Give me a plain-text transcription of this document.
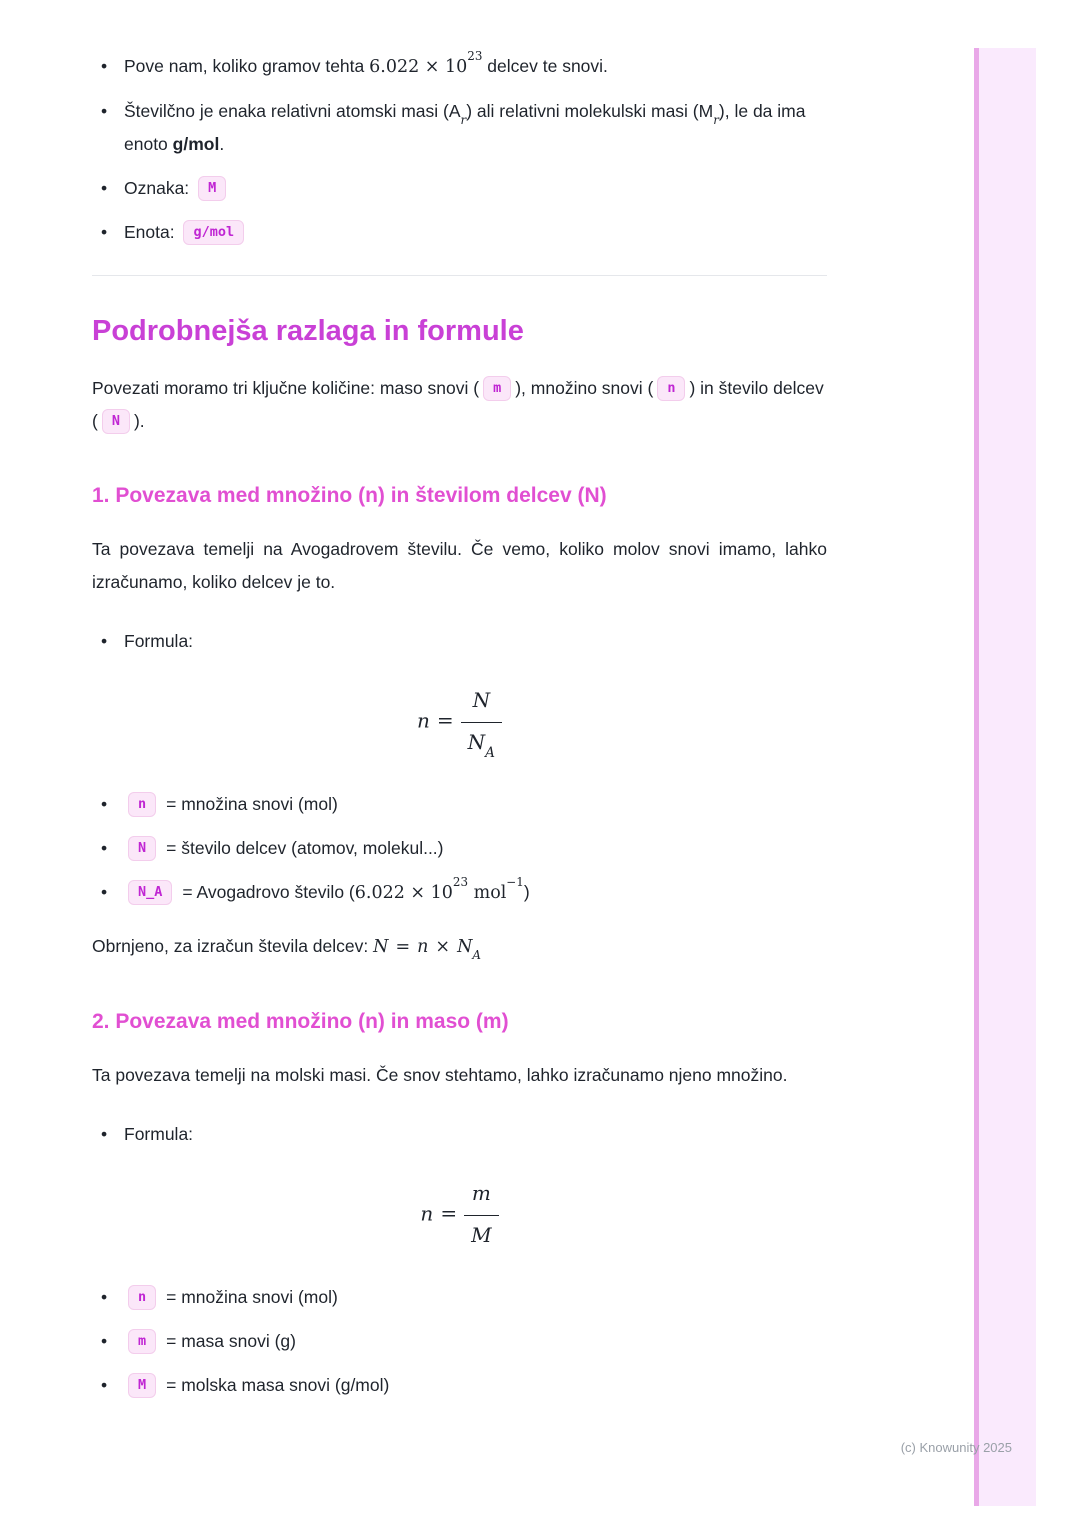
• Pove nam, koliko gramov tehta $6.022 \times 10^{23}$ delcev te snovi.
• Številčno je enaka relativni atomski masi $(A_r)$ ali relativni molekulski masi $(M_r)$, le da ima enoto g/mol.
• Oznaka: M
• Enota: g/mol
Podrobnejša razlaga in formule

Povezati moramo tri ključne količine: maso snovi ( m ), množino snovi ( n ) in število delcev ( N ).

1. Povezava med množino (n) in številom delcev (N)

Ta povezava temelji na Avogadrovem številu. Če vemo, koliko molov snovi imamo, lahko izračunamo, koliko delcev je to.

• Formula:
$n = \frac{N}{N_A}$
• n = množina snovi (mol)
• N = število delcev (atomov, molekul...)
• N_A = Avogadrovo število ($6.022 \times 10^{23}$ mol$^{-1}$)

Obrnjeno, za izračun števila delcev: $N = n \times N_A$

2. Povezava med množino (n) in maso (m)

Ta povezava temelji na molski masi. Če snov stehtamo, lahko izračunamo njeno množino.

• Formula:
$n = \frac{m}{M}$
• n = množina snovi (mol)
• m = masa snovi (g)
• M = molska masa snovi (g/mol)
(c) Knowunity 2025
